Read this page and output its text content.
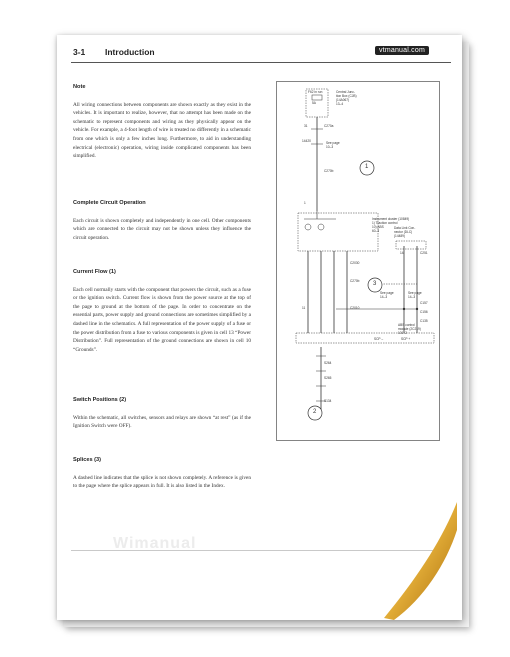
3-1 Introduction	vtmanual.com
Note
All wiring connections between components are shown exactly as they exist in the vehicles. It is important to realize, however, that no attempt has been made on the schematic to represent components and wiring as they physically appear on the vehicle. For example, a 4-foot length of wire is treated no differently in a schematic from one which is only a few inches long. Furthermore, to aid in understanding electrical (electronic) operation, wiring inside complicated components has been simplified.
Complete Circuit Operation
Each circuit is shown completely and independently in one cell. Other components which are connected to the circuit may not be shown unless they influence the circuit operation.
Current Flow (1)
Each cell normally starts with the component that powers the circuit, such as a fuse or the ignition switch. Current flow is shown from the power source at the top of the page to ground at the bottom of the page. In order to concentrate on the essential parts, power supply and ground connections are sometimes simplified by a dashed line in the schematics. A full representation of the power supply of a fuse or the power distribution from a fuse to various components is given in cell 13 “Power Distribution”. Full representation of the ground connections are shown in cell 10 “Grounds”.
Switch Positions (2)
Within the schematic, all switches, sensors and relays are shown “at rest” (as if the Ignition Switch were OFF).
Splices (3)
A dashed line indicates that the splice is not shown completely. A reference is given to the page where the splice appears in full. It is also listed in the Index.
1
2
3
Central Junc-
tion Box (CJB)
(14A067)
13–4
F62 in run
5A
See page
10–3
Instrument cluster (10849)
1) Traction control
10) ABS
60–3
Data Link Con-
nector (DLC)
(14489)
See page
14–3
See page
14–3
ABS control
module (2C219)
101–2
SCP –	SCP +
31	C270a
14420
C270b
1
C2030
11
C270b
C2010
14	C251
C157
C135
C156
S264
S265
S134
Wimanual
